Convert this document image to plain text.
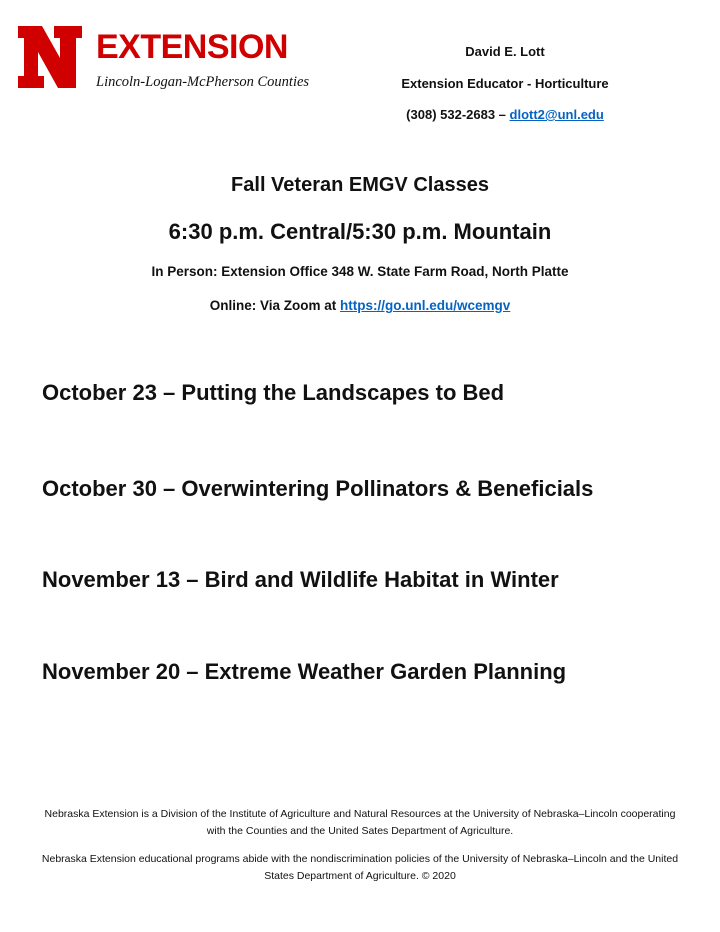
EXTENSION
Lincoln-Logan-McPherson Counties
David E. Lott
Extension Educator - Horticulture
(308) 532-2683 – dlott2@unl.edu
Fall Veteran EMGV Classes
6:30 p.m. Central/5:30 p.m. Mountain
In Person: Extension Office 348 W. State Farm Road, North Platte
Online: Via Zoom at https://go.unl.edu/wcemgv
October 23 – Putting the Landscapes to Bed
October 30 – Overwintering Pollinators & Beneficials
November 13 – Bird and Wildlife Habitat in Winter
November 20 – Extreme Weather Garden Planning
Nebraska Extension is a Division of the Institute of Agriculture and Natural Resources at the University of Nebraska–Lincoln cooperating with the Counties and the United Sates Department of Agriculture.
Nebraska Extension educational programs abide with the nondiscrimination policies of the University of Nebraska–Lincoln and the United States Department of Agriculture. © 2020
